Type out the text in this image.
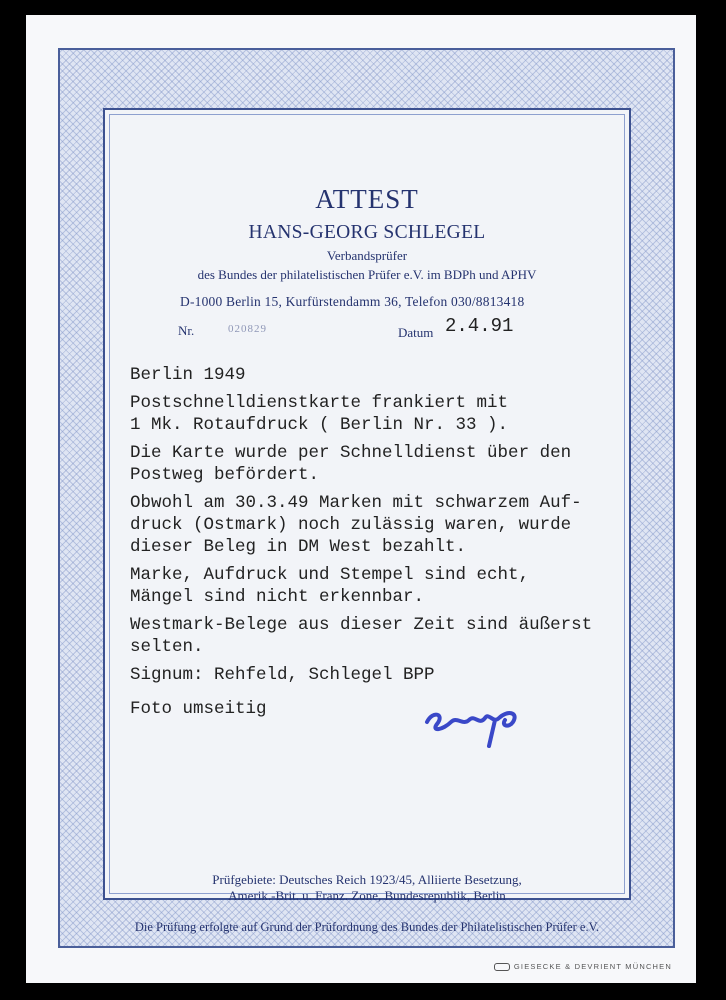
ATTEST
HANS-GEORG SCHLEGEL
Verbandsprüfer
des Bundes der philatelistischen Prüfer e.V. im BDPh und APHV
D-1000 Berlin 15, Kurfürstendamm 36, Telefon 030/8813418
Nr.	020829	Datum 2.4.91
Berlin 1949
Postschnelldienstkarte frankiert mit
1 Mk. Rotaufdruck ( Berlin Nr. 33 ).
Die Karte wurde per Schnelldienst über den
Postweg befördert.
Obwohl am 30.3.49 Marken mit schwarzem Auf-
druck (Ostmark) noch zulässig waren, wurde
dieser Beleg in DM West bezahlt.
Marke, Aufdruck und Stempel sind echt,
Mängel sind nicht erkennbar.
Westmark-Belege aus dieser Zeit sind äußerst
selten.
Signum: Rehfeld, Schlegel BPP
Foto umseitig
Prüfgebiete: Deutsches Reich 1923/45, Alliierte Besetzung,
Amerik.-Brit. u. Franz. Zone, Bundesrepublik, Berlin
Die Prüfung erfolgte auf Grund der Prüfordnung des Bundes der Philatelistischen Prüfer e.V.
GIESECKE & DEVRIENT MÜNCHEN
